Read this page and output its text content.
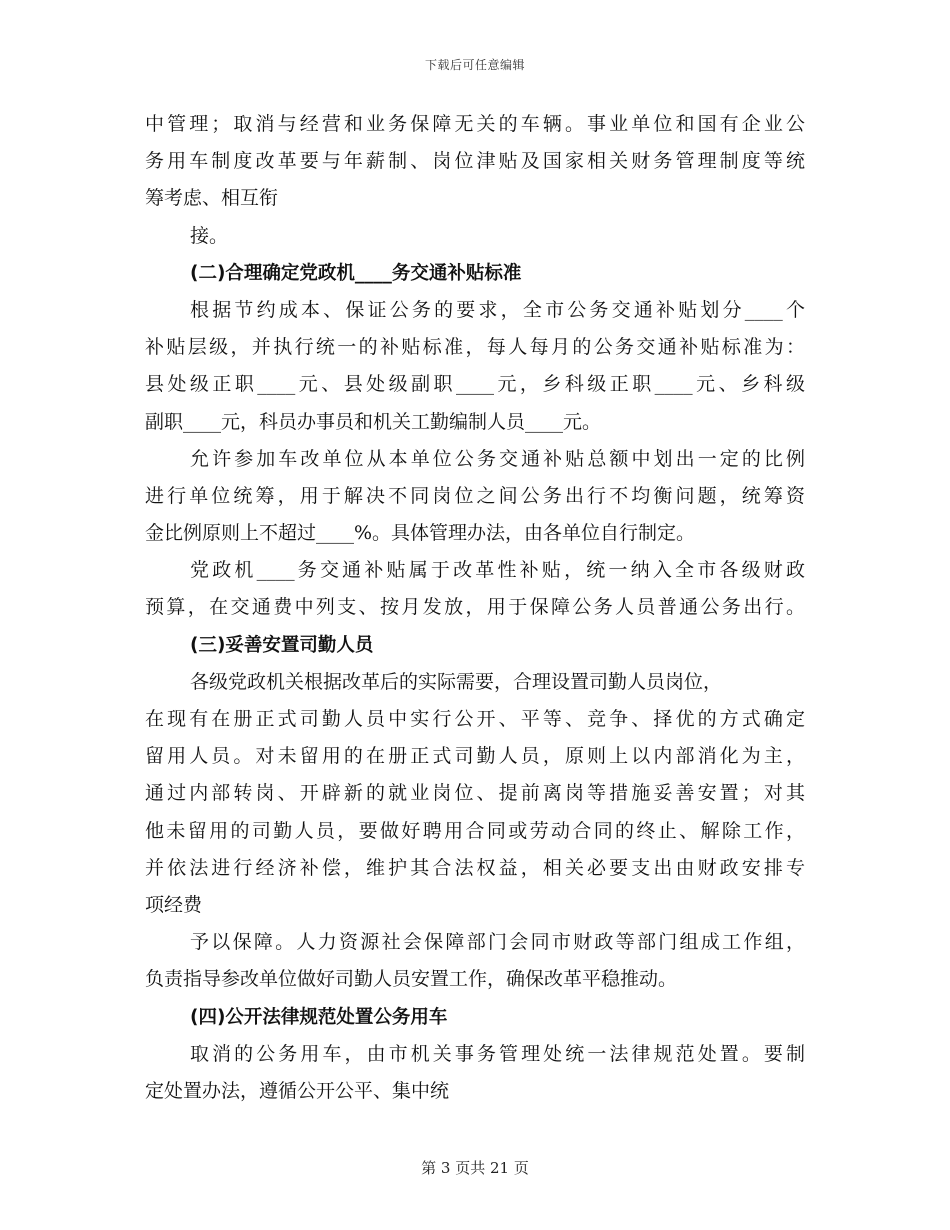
下载后可任意编辑
中管理；取消与经营和业务保障无关的车辆。事业单位和国有企业公
务用车制度改革要与年薪制、岗位津贴及国家相关财务管理制度等统
筹考虑、相互衔
接。
(二)合理确定党政机____务交通补贴标准
根据节约成本、保证公务的要求，全市公务交通补贴划分____个
补贴层级，并执行统一的补贴标准，每人每月的公务交通补贴标准为：
县处级正职____元、县处级副职____元，乡科级正职____元、乡科级
副职____元，科员办事员和机关工勤编制人员____元。
允许参加车改单位从本单位公务交通补贴总额中划出一定的比例
进行单位统筹，用于解决不同岗位之间公务出行不均衡问题，统筹资
金比例原则上不超过____%。具体管理办法，由各单位自行制定。
党政机____务交通补贴属于改革性补贴，统一纳入全市各级财政
预算，在交通费中列支、按月发放，用于保障公务人员普通公务出行。
(三)妥善安置司勤人员
各级党政机关根据改革后的实际需要，合理设置司勤人员岗位，
在现有在册正式司勤人员中实行公开、平等、竞争、择优的方式确定
留用人员。对未留用的在册正式司勤人员，原则上以内部消化为主，
通过内部转岗、开辟新的就业岗位、提前离岗等措施妥善安置；对其
他未留用的司勤人员，要做好聘用合同或劳动合同的终止、解除工作，
并依法进行经济补偿，维护其合法权益，相关必要支出由财政安排专
项经费
予以保障。人力资源社会保障部门会同市财政等部门组成工作组，
负责指导参改单位做好司勤人员安置工作，确保改革平稳推动。
(四)公开法律规范处置公务用车
取消的公务用车，由市机关事务管理处统一法律规范处置。要制
定处置办法，遵循公开公平、集中统
第 3 页共 21 页
